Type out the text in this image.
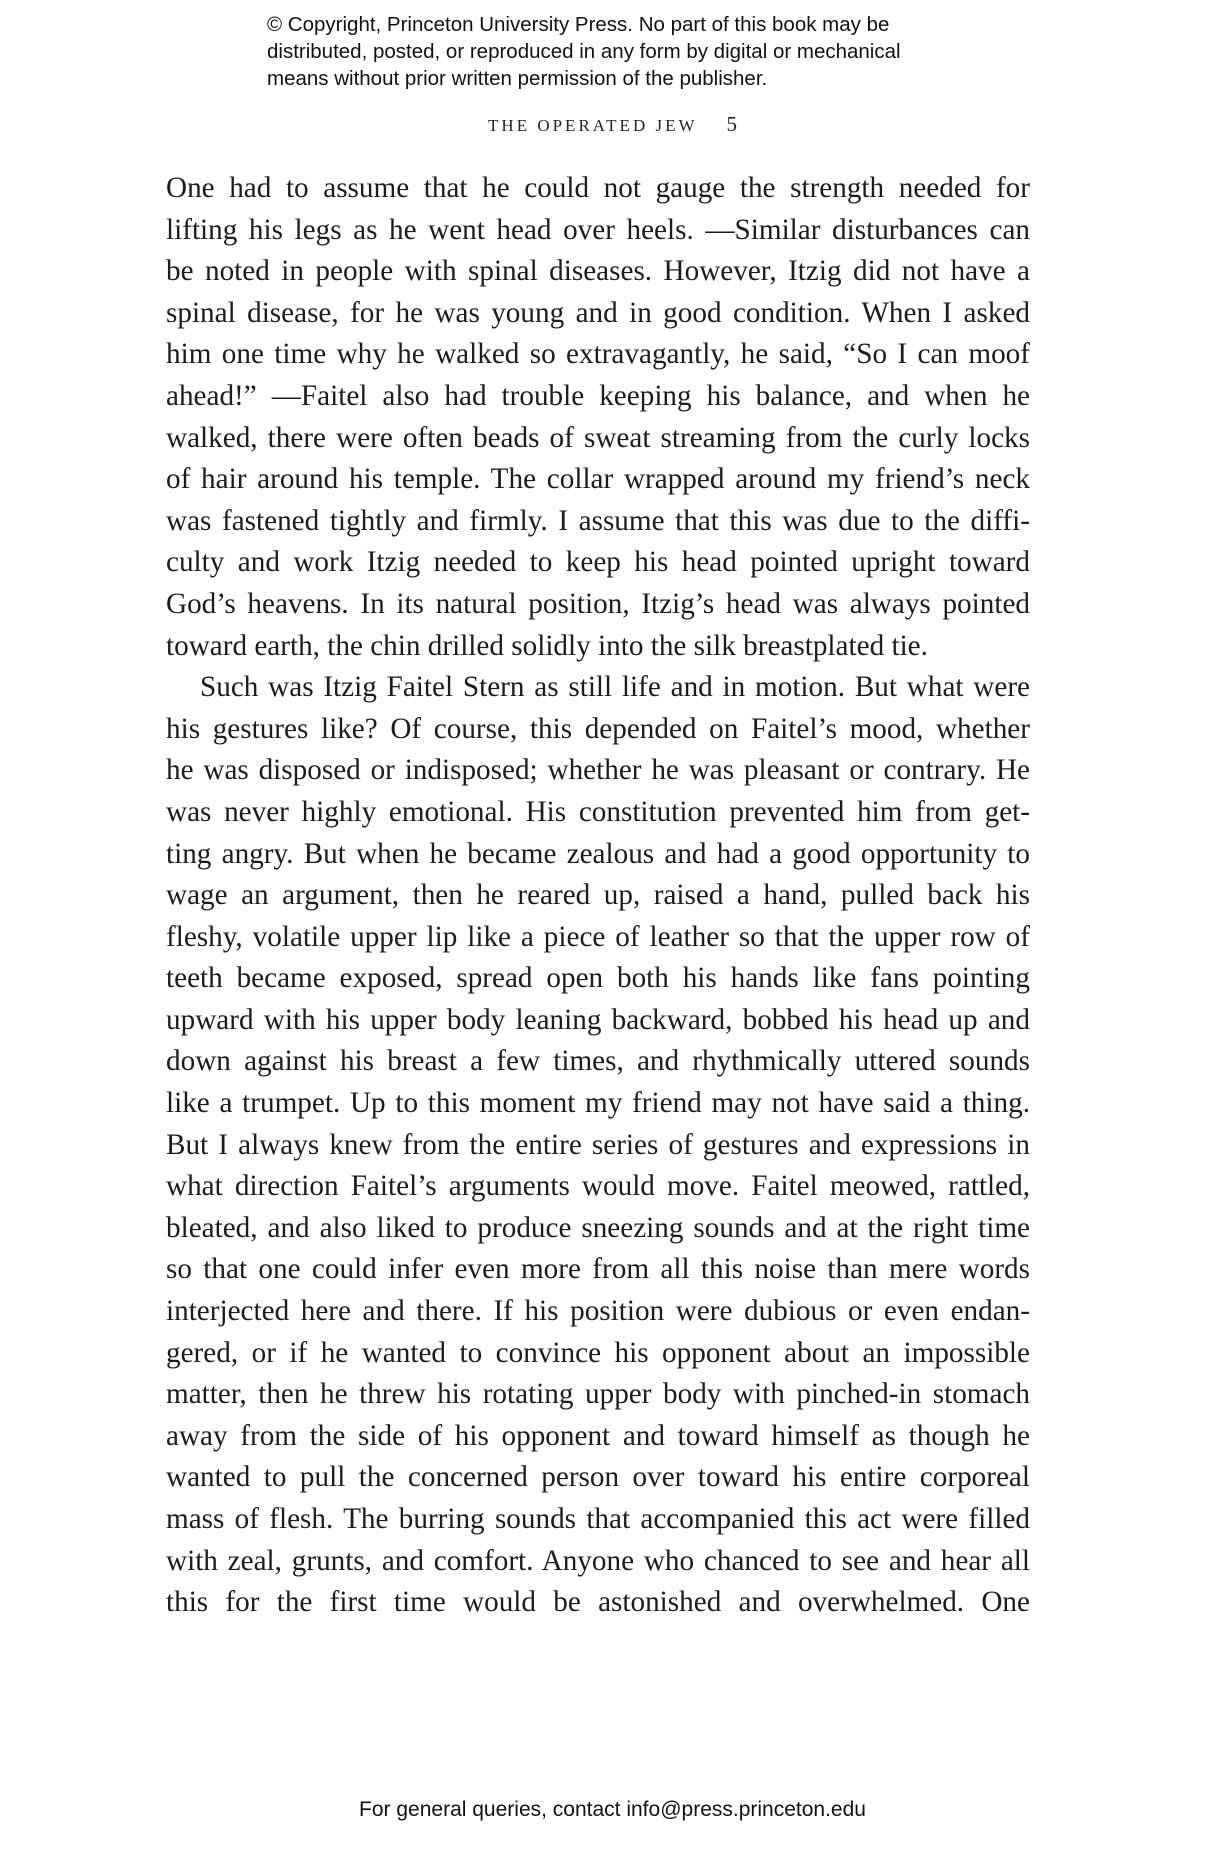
© Copyright, Princeton University Press. No part of this book may be
distributed, posted, or reproduced in any form by digital or mechanical
means without prior written permission of the publisher.
THE OPERATED JEW 5
One had to assume that he could not gauge the strength needed for
lifting his legs as he went head over heels. —Similar disturbances can
be noted in people with spinal diseases. However, Itzig did not have a
spinal disease, for he was young and in good condition. When I asked
him one time why he walked so extravagantly, he said, “So I can moof
ahead!” —Faitel also had trouble keeping his balance, and when he
walked, there were often beads of sweat streaming from the curly locks
of hair around his temple. The collar wrapped around my friend’s neck
was fastened tightly and firmly. I assume that this was due to the diffi-
culty and work Itzig needed to keep his head pointed upright toward
God’s heavens. In its natural position, Itzig’s head was always pointed
toward earth, the chin drilled solidly into the silk breastplated tie.
Such was Itzig Faitel Stern as still life and in motion. But what were
his gestures like? Of course, this depended on Faitel’s mood, whether
he was disposed or indisposed; whether he was pleasant or contrary. He
was never highly emotional. His constitution prevented him from get-
ting angry. But when he became zealous and had a good opportunity to
wage an argument, then he reared up, raised a hand, pulled back his
fleshy, volatile upper lip like a piece of leather so that the upper row of
teeth became exposed, spread open both his hands like fans pointing
upward with his upper body leaning backward, bobbed his head up and
down against his breast a few times, and rhythmically uttered sounds
like a trumpet. Up to this moment my friend may not have said a thing.
But I always knew from the entire series of gestures and expressions in
what direction Faitel’s arguments would move. Faitel meowed, rattled,
bleated, and also liked to produce sneezing sounds and at the right time
so that one could infer even more from all this noise than mere words
interjected here and there. If his position were dubious or even endan-
gered, or if he wanted to convince his opponent about an impossible
matter, then he threw his rotating upper body with pinched-in stomach
away from the side of his opponent and toward himself as though he
wanted to pull the concerned person over toward his entire corporeal
mass of flesh. The burring sounds that accompanied this act were filled
with zeal, grunts, and comfort. Anyone who chanced to see and hear all
this for the first time would be astonished and overwhelmed. One
For general queries, contact info@press.princeton.edu
